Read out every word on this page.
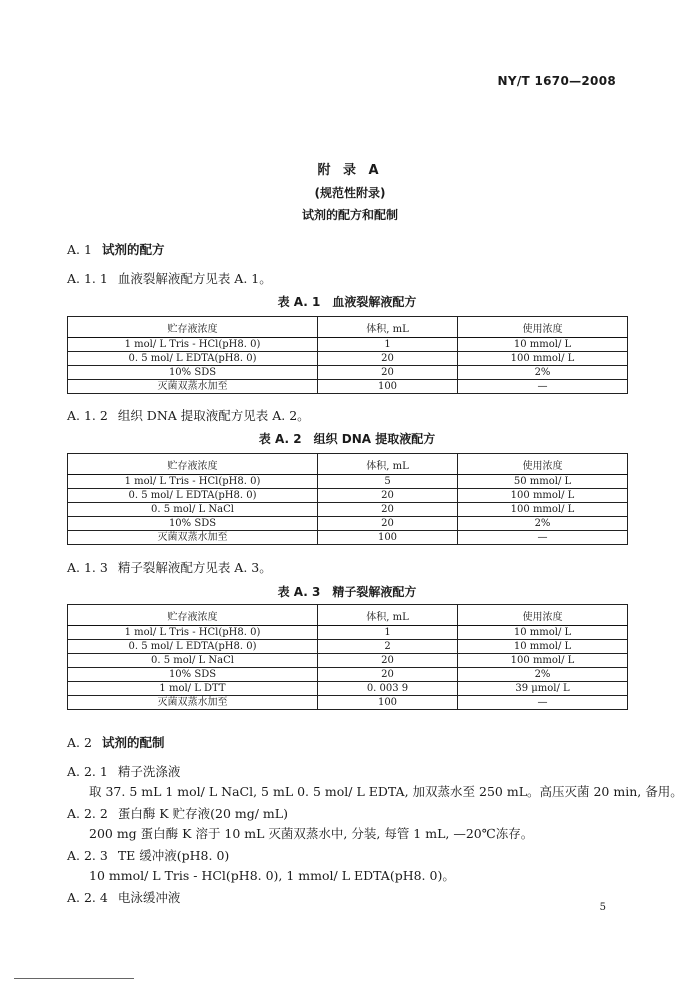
NY/T 1670—2008
附 录 A
(规范性附录)
试剂的配方和配制
A. 1 试剂的配方
A. 1. 1 血液裂解液配方见表 A. 1。
表 A. 1 血液裂解液配方
贮存液浓度	体积, mL	使用浓度
1 mol/ L Tris - HCl(pH8. 0)	1	10 mmol/ L
0. 5 mol/ L EDTA(pH8. 0)	20	100 mmol/ L
10% SDS	20	2%
灭菌双蒸水加至	100	—
A. 1. 2 组织 DNA 提取液配方见表 A. 2。
表 A. 2 组织 DNA 提取液配方
贮存液浓度	体积, mL	使用浓度
1 mol/ L Tris - HCl(pH8. 0)	5	50 mmol/ L
0. 5 mol/ L EDTA(pH8. 0)	20	100 mmol/ L
0. 5 mol/ L NaCl	20	100 mmol/ L
10% SDS	20	2%
灭菌双蒸水加至	100	—
A. 1. 3 精子裂解液配方见表 A. 3。
表 A. 3 精子裂解液配方
贮存液浓度	体积, mL	使用浓度
1 mol/ L Tris - HCl(pH8. 0)	1	10 mmol/ L
0. 5 mol/ L EDTA(pH8. 0)	2	10 mmol/ L
0. 5 mol/ L NaCl	20	100 mmol/ L
10% SDS	20	2%
1 mol/ L DTT	0. 003 9	39 μmol/ L
灭菌双蒸水加至	100	—
A. 2 试剂的配制
A. 2. 1 精子洗涤液
取 37. 5 mL 1 mol/ L NaCl, 5 mL 0. 5 mol/ L EDTA, 加双蒸水至 250 mL。高压灭菌 20 min, 备用。
A. 2. 2 蛋白酶 K 贮存液(20 mg/ mL)
200 mg 蛋白酶 K 溶于 10 mL 灭菌双蒸水中, 分装, 每管 1 mL, —20℃冻存。
A. 2. 3 TE 缓冲液(pH8. 0)
10 mmol/ L Tris - HCl(pH8. 0), 1 mmol/ L EDTA(pH8. 0)。
A. 2. 4 电泳缓冲液
5
